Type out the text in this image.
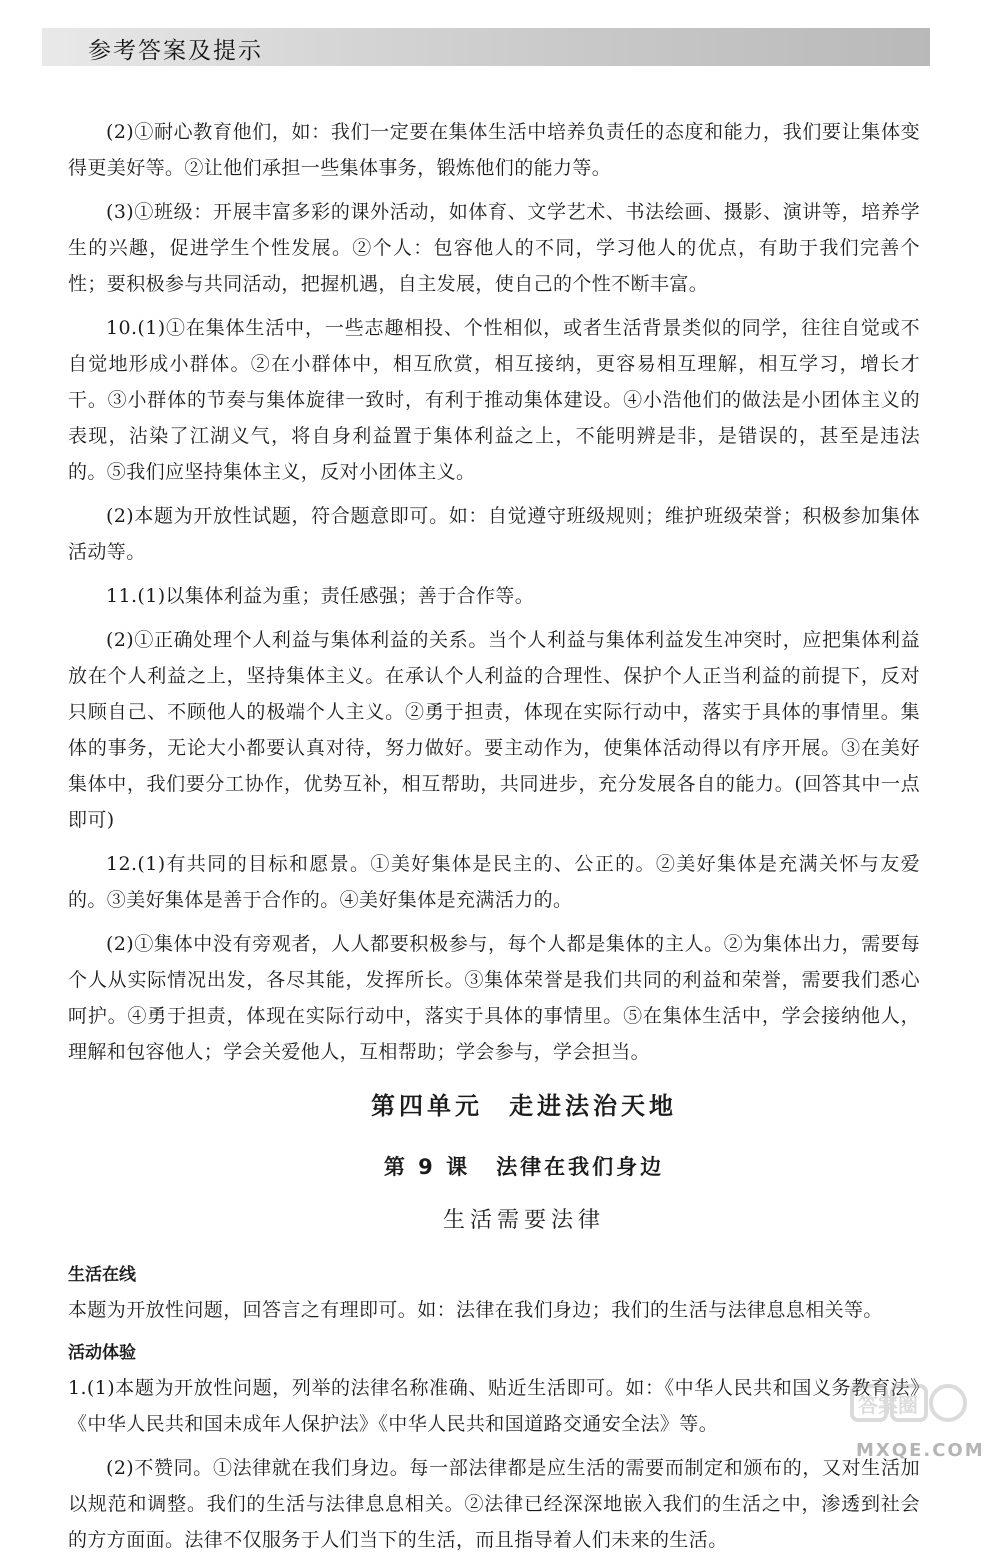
参考答案及提示

(2)①耐心教育他们，如：我们一定要在集体生活中培养负责任的态度和能力，我们要让集体变得更美好等。②让他们承担一些集体事务，锻炼他们的能力等。

(3)①班级：开展丰富多彩的课外活动，如体育、文学艺术、书法绘画、摄影、演讲等，培养学生的兴趣，促进学生个性发展。②个人：包容他人的不同，学习他人的优点，有助于我们完善个性；要积极参与共同活动，把握机遇，自主发展，使自己的个性不断丰富。

10.(1)①在集体生活中，一些志趣相投、个性相似，或者生活背景类似的同学，往往自觉或不自觉地形成小群体。②在小群体中，相互欣赏，相互接纳，更容易相互理解，相互学习，增长才干。③小群体的节奏与集体旋律一致时，有利于推动集体建设。④小浩他们的做法是小团体主义的表现，沾染了江湖义气，将自身利益置于集体利益之上，不能明辨是非，是错误的，甚至是违法的。⑤我们应坚持集体主义，反对小团体主义。

(2)本题为开放性试题，符合题意即可。如：自觉遵守班级规则；维护班级荣誉；积极参加集体活动等。

11.(1)以集体利益为重；责任感强；善于合作等。

(2)①正确处理个人利益与集体利益的关系。当个人利益与集体利益发生冲突时，应把集体利益放在个人利益之上，坚持集体主义。在承认个人利益的合理性、保护个人正当利益的前提下，反对只顾自己、不顾他人的极端个人主义。②勇于担责，体现在实际行动中，落实于具体的事情里。集体的事务，无论大小都要认真对待，努力做好。要主动作为，使集体活动得以有序开展。③在美好集体中，我们要分工协作，优势互补，相互帮助，共同进步，充分发展各自的能力。(回答其中一点即可)

12.(1)有共同的目标和愿景。①美好集体是民主的、公正的。②美好集体是充满关怀与友爱的。③美好集体是善于合作的。④美好集体是充满活力的。

(2)①集体中没有旁观者，人人都要积极参与，每个人都是集体的主人。②为集体出力，需要每个人从实际情况出发，各尽其能，发挥所长。③集体荣誉是我们共同的利益和荣誉，需要我们悉心呵护。④勇于担责，体现在实际行动中，落实于具体的事情里。⑤在集体生活中，学会接纳他人，理解和包容他人；学会关爱他人，互相帮助；学会参与，学会担当。

第四单元 走进法治天地
第 9 课 法律在我们身边
生活需要法律

生活在线

本题为开放性问题，回答言之有理即可。如：法律在我们身边；我们的生活与法律息息相关等。

活动体验

1.(1)本题为开放性问题，列举的法律名称准确、贴近生活即可。如：《中华人民共和国义务教育法》《中华人民共和国未成年人保护法》《中华人民共和国道路交通安全法》等。

(2)不赞同。①法律就在我们身边。每一部法律都是应生活的需要而制定和颁布的，又对生活加以规范和调整。我们的生活与法律息息相关。②法律已经深深地嵌入我们的生活之中，渗透到社会的方方面面。法律不仅服务于人们当下的生活，而且指导着人们未来的生活。

答案圈
MXQE.COM
